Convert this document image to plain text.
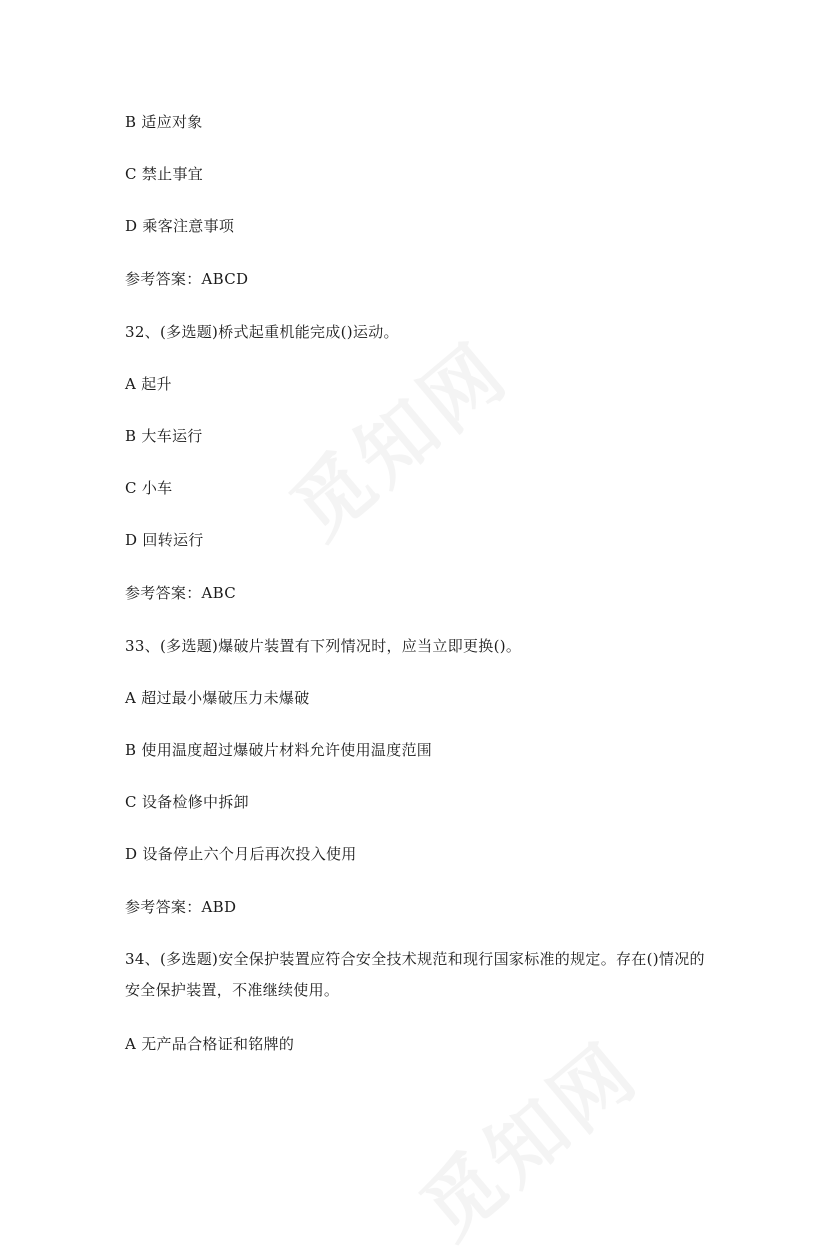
B 适应对象
C 禁止事宜
D 乘客注意事项
参考答案：ABCD
32、(多选题)桥式起重机能完成()运动。
A 起升
B 大车运行
C 小车
D 回转运行
参考答案：ABC
33、(多选题)爆破片装置有下列情况时，应当立即更换()。
A 超过最小爆破压力未爆破
B 使用温度超过爆破片材料允许使用温度范围
C 设备检修中拆卸
D 设备停止六个月后再次投入使用
参考答案：ABD
34、(多选题)安全保护装置应符合安全技术规范和现行国家标准的规定。存在()情况的安全保护装置，不准继续使用。
A 无产品合格证和铭牌的
